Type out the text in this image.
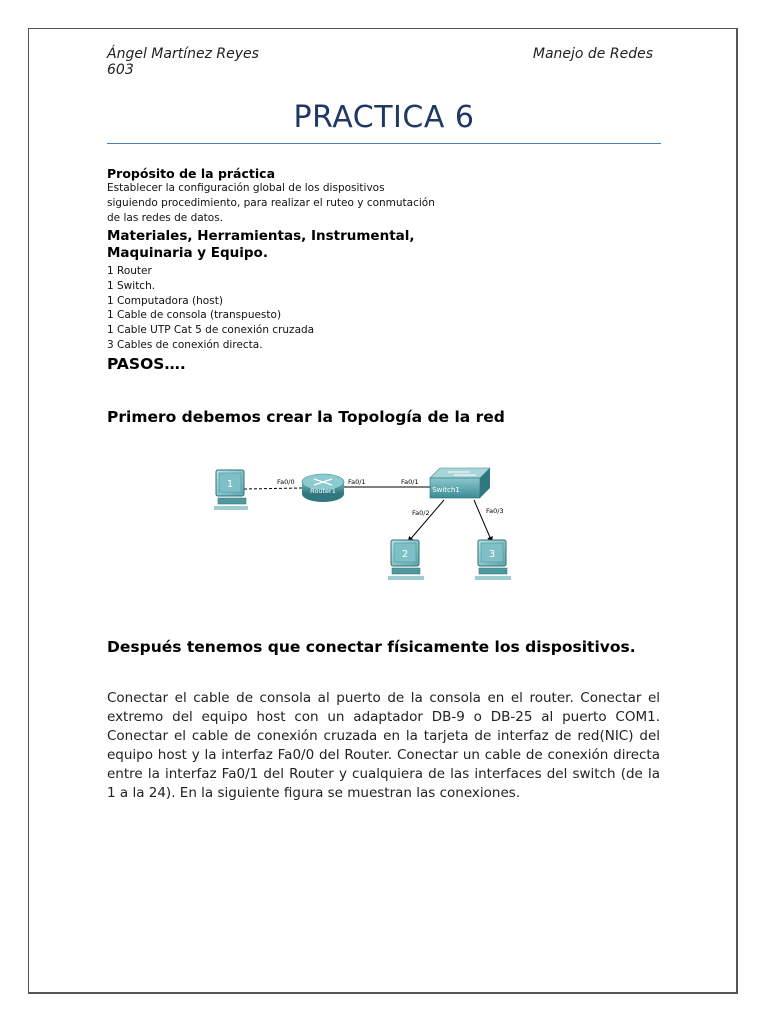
Ángel Martínez Reyes
603
Manejo de Redes
PRACTICA 6
Propósito de la práctica
Establecer la configuración global de los dispositivos
siguiendo procedimiento, para realizar el ruteo y conmutación
de las redes de datos.
Materiales, Herramientas, Instrumental,
Maquinaria y Equipo.
1 Router
1 Switch.
1 Computadora (host)
1 Cable de consola (transpuesto)
1 Cable UTP Cat 5 de conexión cruzada
3 Cables de conexión directa.
PASOS….
Primero debemos crear la Topología de la red
1
Router1	Switch1
2	3
Fa0/0	Fa0/1	Fa0/1
Fa0/2	Fa0/3
Después tenemos que conectar físicamente los dispositivos.
Conectar el cable de consola al puerto de la consola en el router. Conectar el extremo del equipo host con un adaptador DB-9 o DB-25 al puerto COM1. Conectar el cable de conexión cruzada en la tarjeta de interfaz de red(NIC) del equipo host y la interfaz Fa0/0 del Router. Conectar un cable de conexión directa entre la interfaz Fa0/1 del Router y cualquiera de las interfaces del switch (de la 1 a la 24). En la siguiente figura se muestran las conexiones.
